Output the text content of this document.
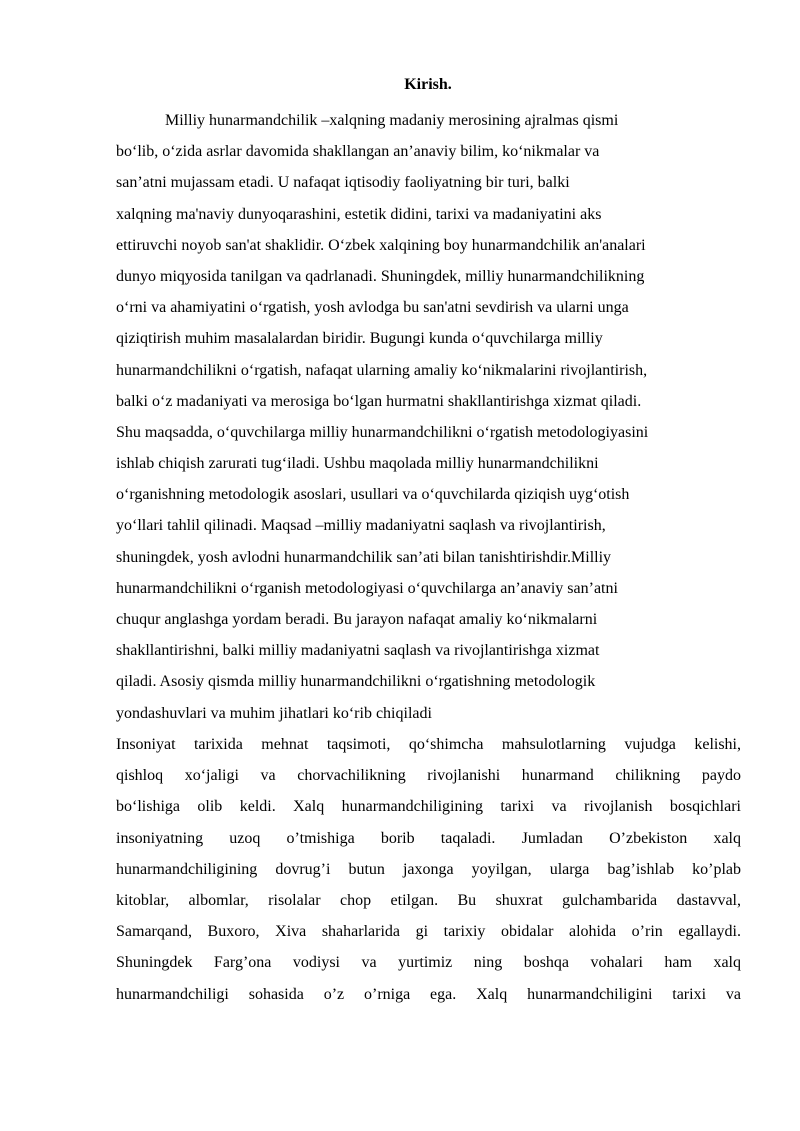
Kirish.
Milliy hunarmandchilik –xalqning madaniy merosining ajralmas qismi
bo‘lib, o‘zida asrlar davomida shakllangan an’anaviy bilim, ko‘nikmalar va
san’atni mujassam etadi. U nafaqat iqtisodiy faoliyatning bir turi, balki
xalqning ma'naviy dunyoqarashini, estetik didini, tarixi va madaniyatini aks
ettiruvchi noyob san'at shaklidir. O‘zbek xalqining boy hunarmandchilik an'analari
dunyo miqyosida tanilgan va qadrlanadi. Shuningdek, milliy hunarmandchilikning
o‘rni va ahamiyatini o‘rgatish, yosh avlodga bu san'atni sevdirish va ularni unga
qiziqtirish muhim masalalardan biridir. Bugungi kunda o‘quvchilarga milliy
hunarmandchilikni o‘rgatish, nafaqat ularning amaliy ko‘nikmalarini rivojlantirish,
balki o‘z madaniyati va merosiga bo‘lgan hurmatni shakllantirishga xizmat qiladi.
Shu maqsadda, o‘quvchilarga milliy hunarmandchilikni o‘rgatish metodologiyasini
ishlab chiqish zarurati tug‘iladi. Ushbu maqolada milliy hunarmandchilikni
o‘rganishning metodologik asoslari, usullari va o‘quvchilarda qiziqish uyg‘otish
yo‘llari tahlil qilinadi. Maqsad –milliy madaniyatni saqlash va rivojlantirish,
shuningdek, yosh avlodni hunarmandchilik san’ati bilan tanishtirishdir.Milliy
hunarmandchilikni o‘rganish metodologiyasi o‘quvchilarga an’anaviy san’atni
chuqur anglashga yordam beradi. Bu jarayon nafaqat amaliy ko‘nikmalarni
shakllantirishni, balki milliy madaniyatni saqlash va rivojlantirishga xizmat
qiladi. Asosiy qismda milliy hunarmandchilikni o‘rgatishning metodologik
yondashuvlari va muhim jihatlari ko‘rib chiqiladi
Insoniyat tarixida mehnat taqsimoti, qo‘shimcha mahsulotlarning vujudga kelishi,
qishloq xo‘jaligi va chorvachilikning rivojlanishi hunarmand chilikning paydo
bo‘lishiga olib keldi. Xalq hunarmandchiligining tarixi va rivojlanish bosqichlari
insoniyatning uzoq o’tmishiga borib taqaladi. Jumladan O’zbekiston xalq
hunarmandchiligining dovrug’i butun jaxonga yoyilgan, ularga bag’ishlab ko’plab
kitoblar, albomlar, risolalar chop etilgan. Bu shuxrat gulchambarida dastavval,
Samarqand, Buxoro, Xiva shaharlarida gi tarixiy obidalar alohida o’rin egallaydi.
Shuningdek Farg’ona vodiysi va yurtimiz ning boshqa vohalari ham xalq
hunarmandchiligi sohasida o’z o’rniga ega. Xalq hunarmandchiligini tarixi va
